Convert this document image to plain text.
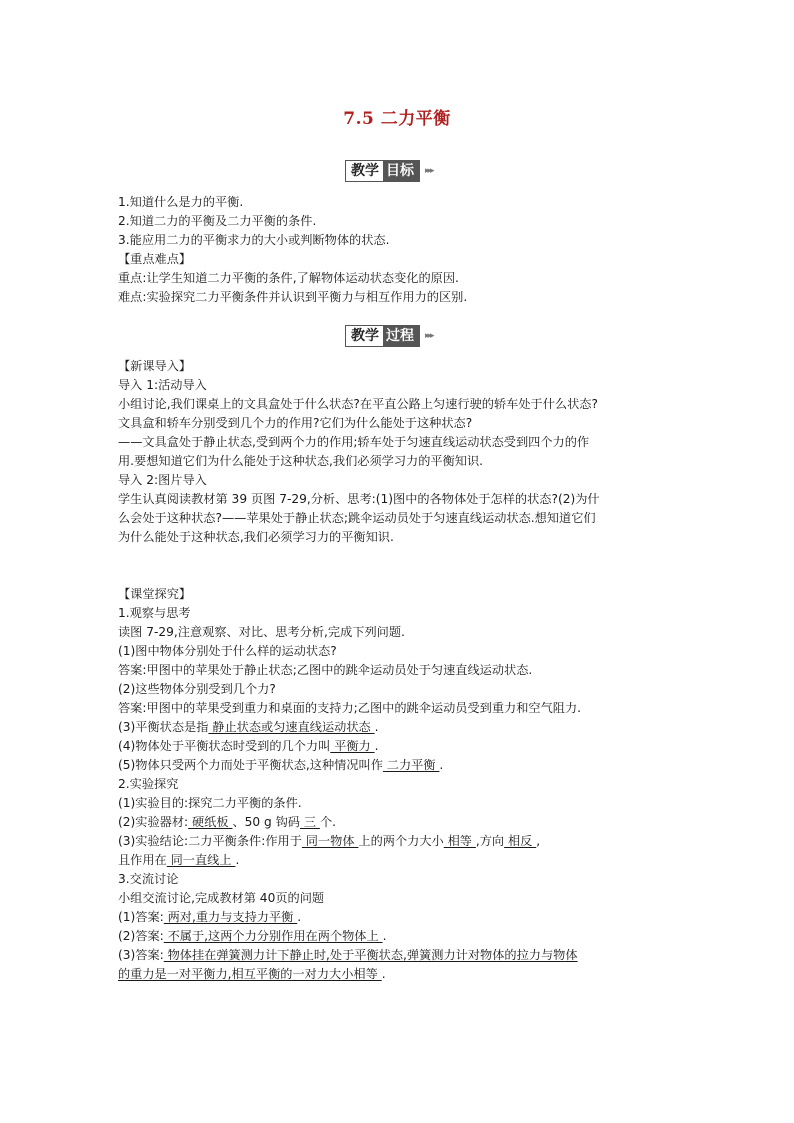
7.5 二力平衡
教学 目标	▸▸▸
1.知道什么是力的平衡.
2.知道二力的平衡及二力平衡的条件.
3.能应用二力的平衡求力的大小或判断物体的状态.
【重点难点】
重点:让学生知道二力平衡的条件,了解物体运动状态变化的原因.
难点:实验探究二力平衡条件并认识到平衡力与相互作用力的区别.
教学 过程	▸▸▸
【新课导入】
导入 1:活动导入
小组讨论,我们课桌上的文具盒处于什么状态?在平直公路上匀速行驶的轿车处于什么状态?
文具盒和轿车分别受到几个力的作用?它们为什么能处于这种状态?
——文具盒处于静止状态,受到两个力的作用;轿车处于匀速直线运动状态受到四个力的作
用.要想知道它们为什么能处于这种状态,我们必须学习力的平衡知识.
导入 2:图片导入
学生认真阅读教材第 39 页图 7-29,分析、思考:(1)图中的各物体处于怎样的状态?(2)为什
么会处于这种状态?——苹果处于静止状态;跳伞运动员处于匀速直线运动状态.想知道它们
为什么能处于这种状态,我们必须学习力的平衡知识.
【课堂探究】
1.观察与思考
读图 7-29,注意观察、对比、思考分析,完成下列问题.
(1)图中物体分别处于什么样的运动状态?
答案:甲图中的苹果处于静止状态;乙图中的跳伞运动员处于匀速直线运动状态.
(2)这些物体分别受到几个力?
答案:甲图中的苹果受到重力和桌面的支持力;乙图中的跳伞运动员受到重力和空气阻力.
(3)平衡状态是指 静止状态或匀速直线运动状态 .
(4)物体处于平衡状态时受到的几个力叫 平衡力 .
(5)物体只受两个力而处于平衡状态,这种情况叫作 二力平衡 .
2.实验探究
(1)实验目的:探究二力平衡的条件.
(2)实验器材: 硬纸板 、50 g 钩码 三 个.
(3)实验结论:二力平衡条件:作用于 同一物体 上的两个力大小 相等 ,方向 相反 ,
且作用在 同一直线上 .
3.交流讨论
小组交流讨论,完成教材第 40页的问题
(1)答案: 两对,重力与支持力平衡 .
(2)答案: 不属于,这两个力分别作用在两个物体上 .
(3)答案: 物体挂在弹簧测力计下静止时,处于平衡状态,弹簧测力计对物体的拉力与物体
的重力是一对平衡力,相互平衡的一对力大小相等 .
